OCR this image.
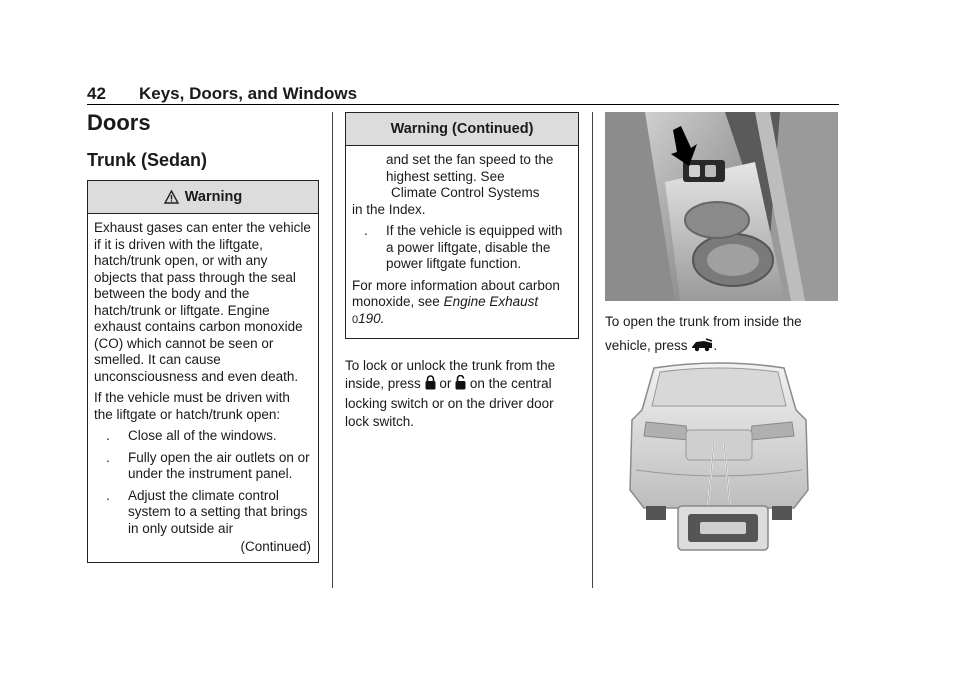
42 Keys, Doors, and Windows
Doors
Trunk (Sedan)
Warning

Exhaust gases can enter the vehicle if it is driven with the liftgate, hatch/trunk open, or with any objects that pass through the seal between the body and the hatch/trunk or liftgate. Engine exhaust contains carbon monoxide (CO) which cannot be seen or smelled. It can cause unconsciousness and even death.

If the vehicle must be driven with the liftgate or hatch/trunk open:

. Close all of the windows.
. Fully open the air outlets on or under the instrument panel.
. Adjust the climate control system to a setting that brings in only outside air
(Continued)
Warning (Continued)
and set the fan speed to the highest setting. See
Climate Control Systems
in the Index.
. If the vehicle is equipped with a power liftgate, disable the power liftgate function.

For more information about carbon monoxide, see Engine Exhaust 0190.

To lock or unlock the trunk from the inside, press or on the central locking switch or on the driver door lock switch.
To open the trunk from inside the vehicle, press .
